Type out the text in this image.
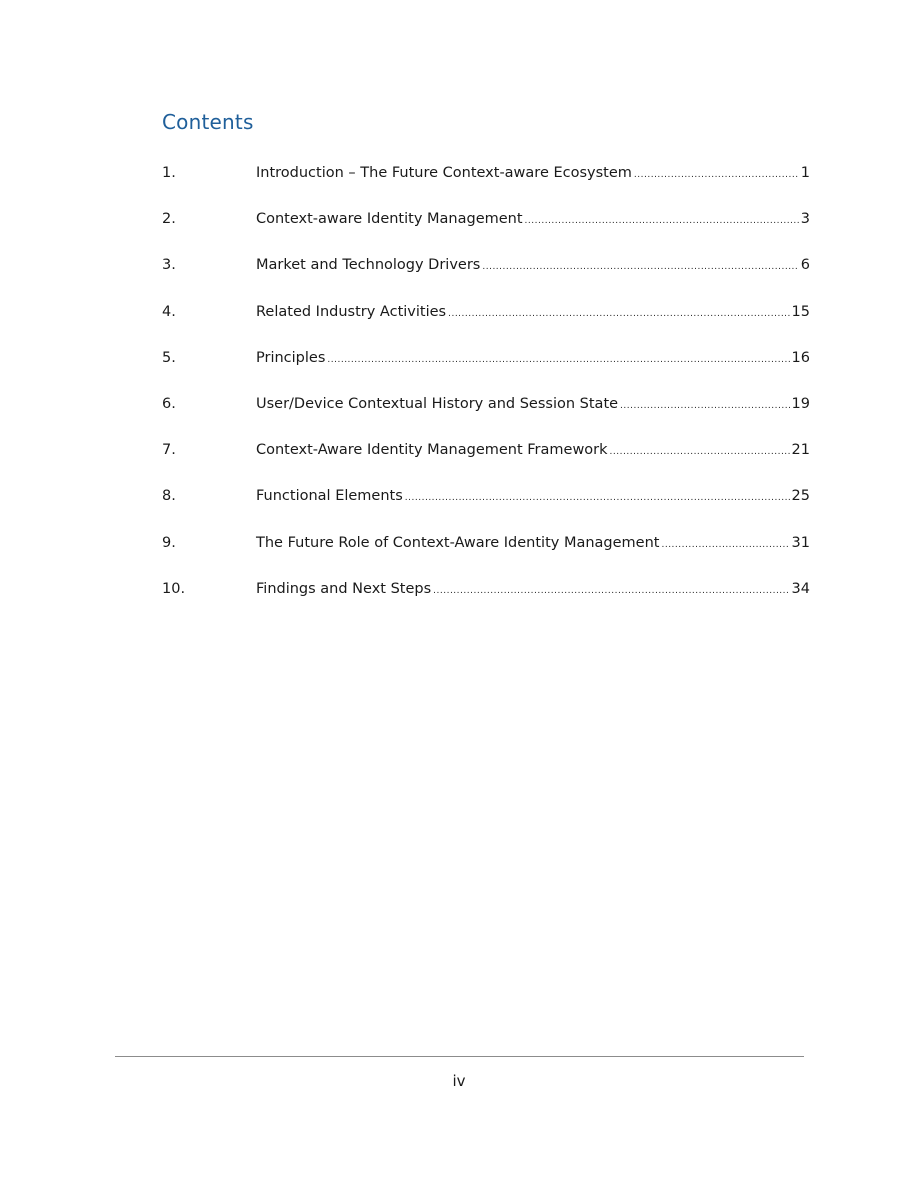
Contents
1.	Introduction – The Future Context-aware Ecosystem .....	1
2.	Context-aware Identity Management .....	3
3.	Market and Technology Drivers .....	6
4.	Related Industry Activities .....	15
5.	Principles .....	16
6.	User/Device Contextual History and Session State .....	19
7.	Context-Aware Identity Management Framework .....	21
8.	Functional Elements .....	25
9.	The Future Role of Context-Aware Identity Management .....	31
10.	Findings and Next Steps .....	34
iv
